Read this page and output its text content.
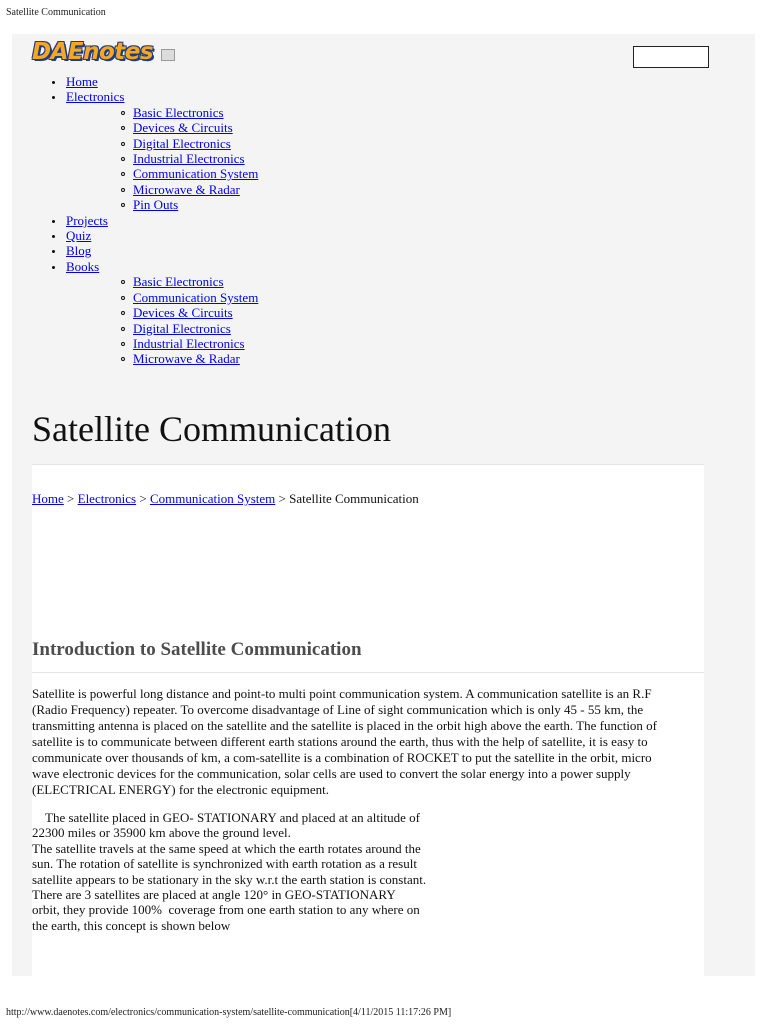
Satellite Communication
DAEnotes
Home
Electronics
Basic Electronics
Devices & Circuits
Digital Electronics
Industrial Electronics
Communication System
Microwave & Radar
Pin Outs
Projects
Quiz
Blog
Books
Basic Electronics
Communication System
Devices & Circuits
Digital Electronics
Industrial Electronics
Microwave & Radar
Satellite Communication
Home > Electronics > Communication System > Satellite Communication
Introduction to Satellite Communication

Satellite is powerful long distance and point-to multi point communication system. A communication satellite is an R.F (Radio Frequency) repeater. To overcome disadvantage of Line of sight communication which is only 45 - 55 km, the transmitting antenna is placed on the satellite and the satellite is placed in the orbit high above the earth. The function of satellite is to communicate between different earth stations around the earth, thus with the help of satellite, it is easy to communicate over thousands of km, a com-satellite is a combination of ROCKET to put the satellite in the orbit, micro wave electronic devices for the communication, solar cells are used to convert the solar energy into a power supply (ELECTRICAL ENERGY) for the electronic equipment.

The satellite placed in GEO- STATIONARY and placed at an altitude of 22300 miles or 35900 km above the ground level.
The satellite travels at the same speed at which the earth rotates around the sun. The rotation of satellite is synchronized with earth rotation as a result satellite appears to be stationary in the sky w.r.t the earth station is constant. There are 3 satellites are placed at angle 120° in GEO-STATIONARY  orbit, they provide 100%  coverage from one earth station to any where on the earth, this concept is shown below
http://www.daenotes.com/electronics/communication-system/satellite-communication[4/11/2015 11:17:26 PM]
